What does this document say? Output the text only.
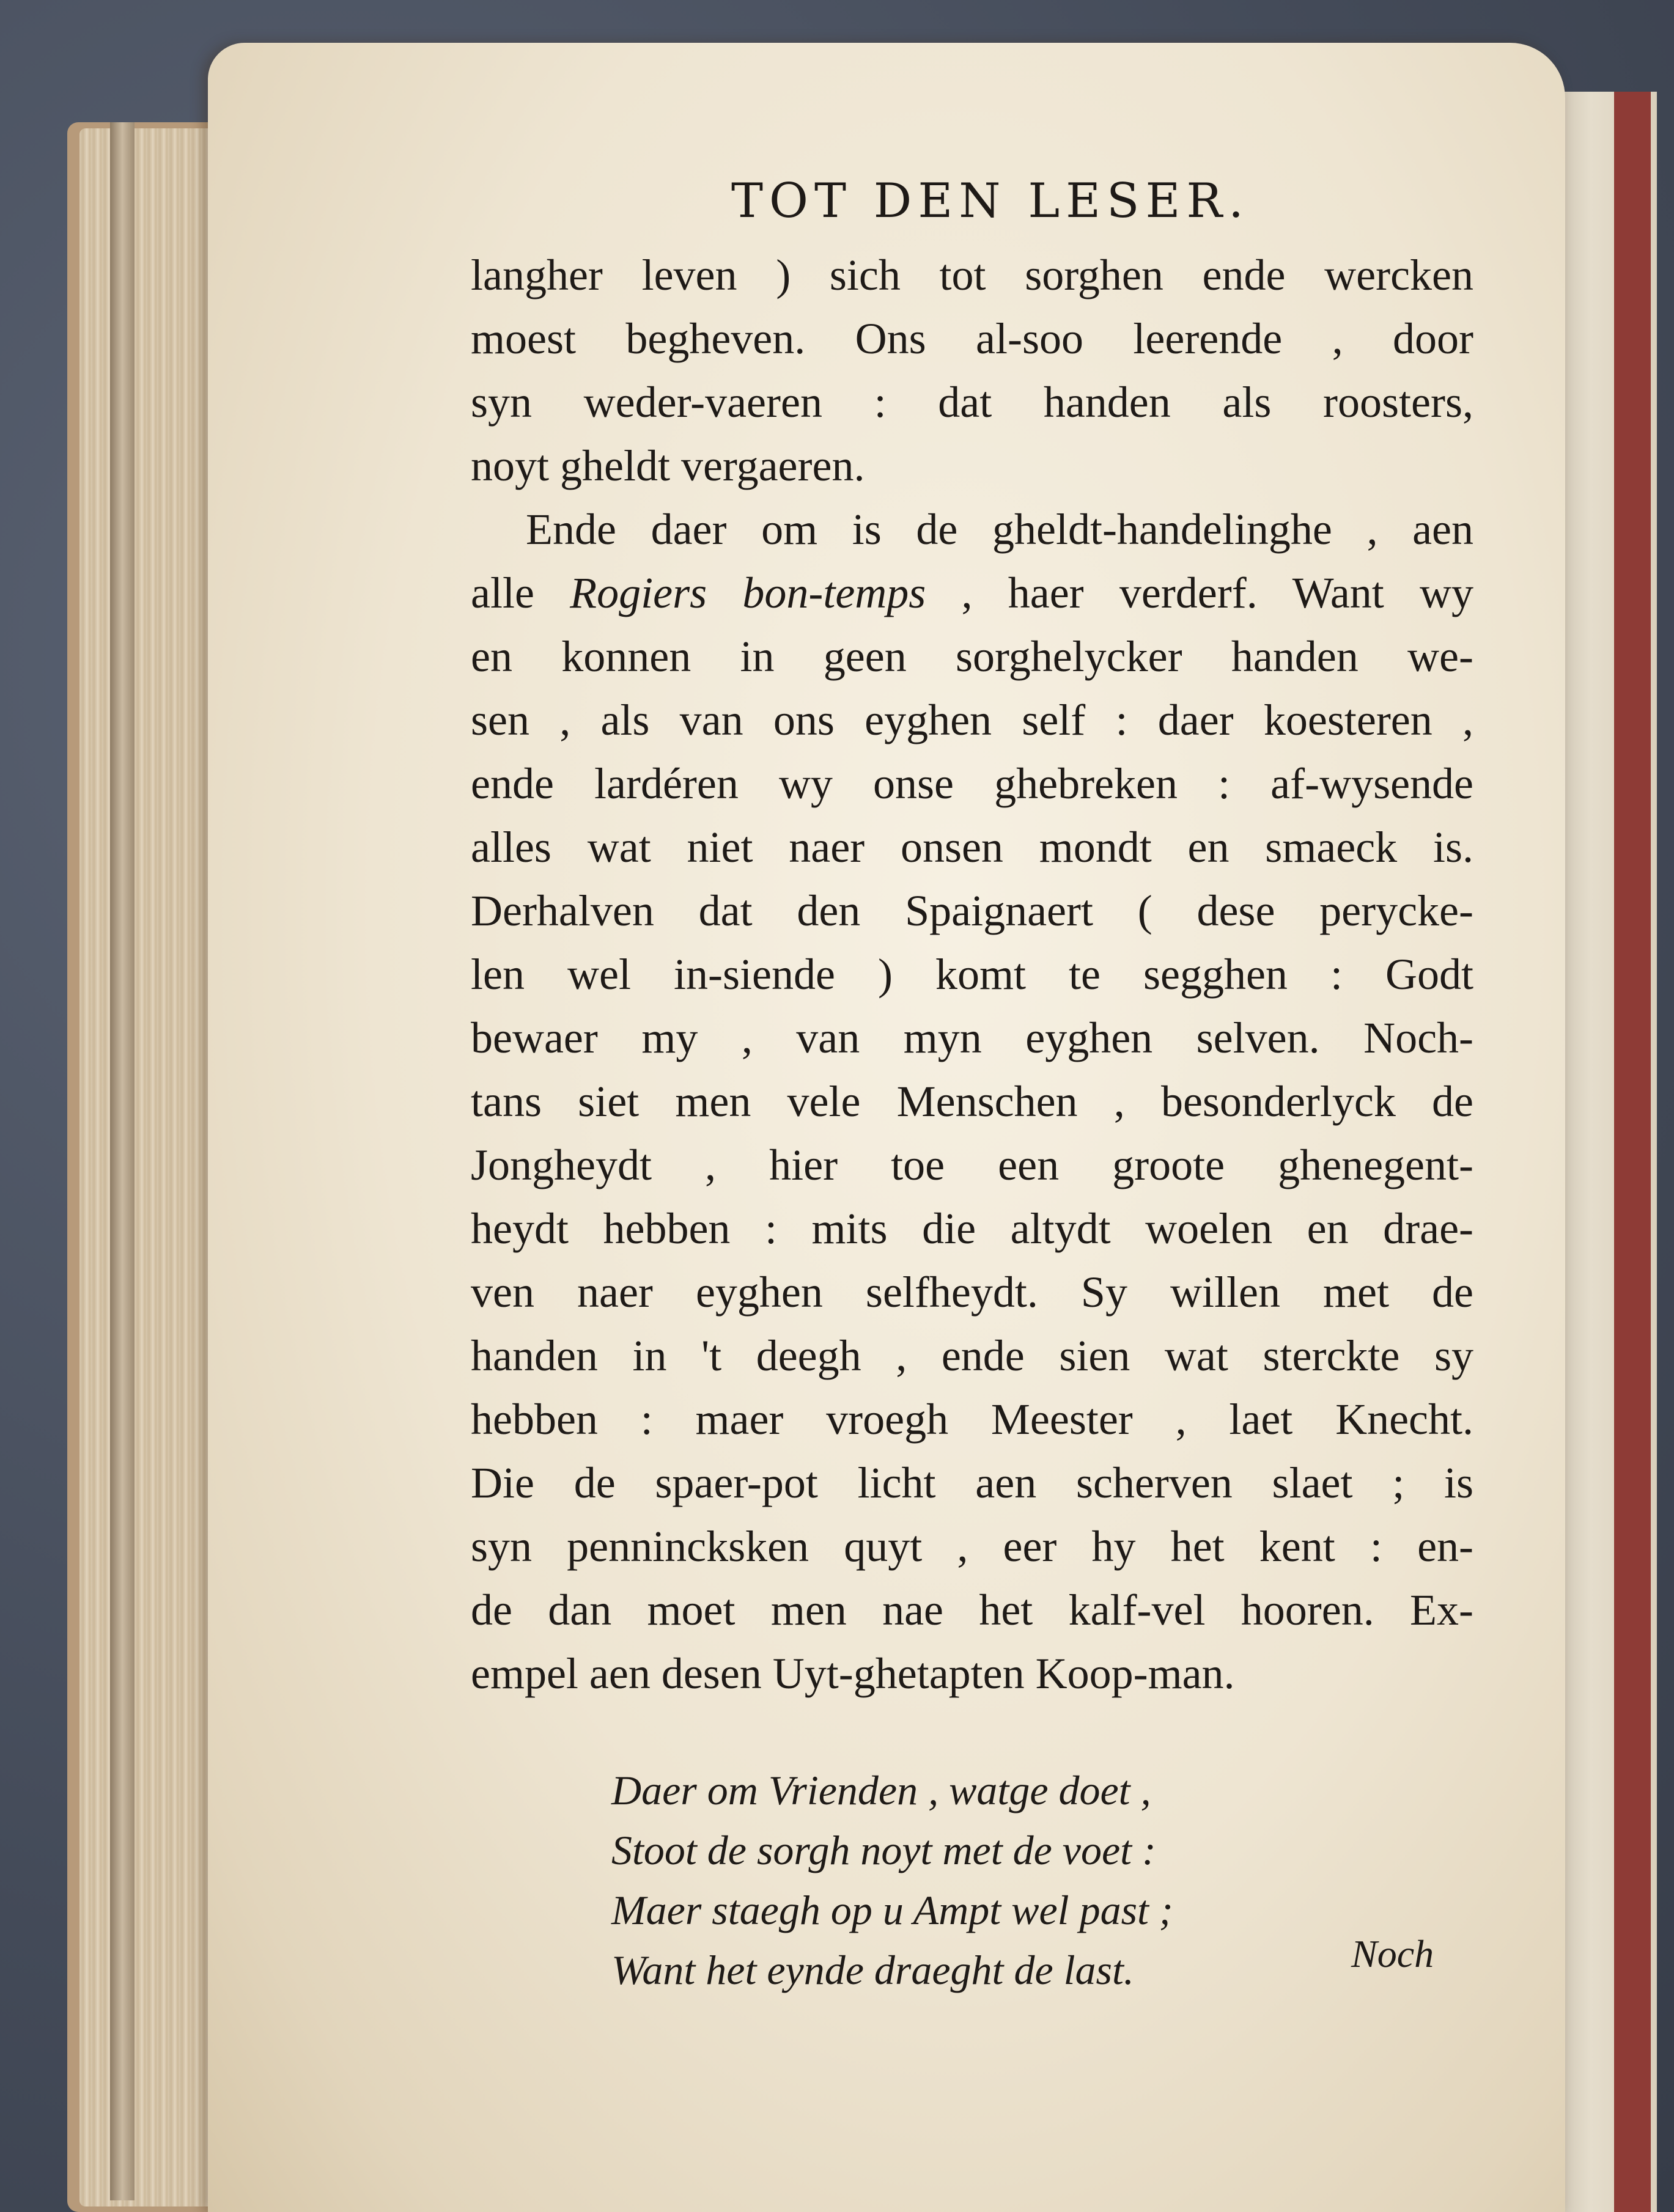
TOT DEN LESER.

langher leven ) sich tot sorghen ende wercken
moest begheven. Ons al-soo leerende , door
syn weder-vaeren : dat handen als roosters,
noyt gheldt vergaeren.

Ende daer om is de gheldt-handelinghe , aen
alle Rogiers bon-temps , haer verderf. Want wy
en konnen in geen sorghelycker handen we-
sen , als van ons eyghen self : daer koesteren ,
ende lardéren wy onse ghebreken : af-wysende
alles wat niet naer onsen mondt en smaeck is.
Derhalven dat den Spaignaert ( dese perycke-
len wel in-siende ) komt te segghen : Godt
bewaer my , van myn eyghen selven. Noch-
tans siet men vele Menschen , besonderlyck de
Jongheydt , hier toe een groote ghenegent-
heydt hebben : mits die altydt woelen en drae-
ven naer eyghen selfheydt. Sy willen met de
handen in 't deegh , ende sien wat sterckte sy
hebben : maer vroegh Meester , laet Knecht.
Die de spaer-pot licht aen scherven slaet ; is
syn pennincksken quyt , eer hy het kent : en-
de dan moet men nae het kalf-vel hooren. Ex-
empel aen desen Uyt-ghetapten Koop-man.

Daer om Vrienden , watge doet ,
Stoot de sorgh noyt met de voet :
Maer staegh op u Ampt wel past ;
Want het eynde draeght de last.	Noch
